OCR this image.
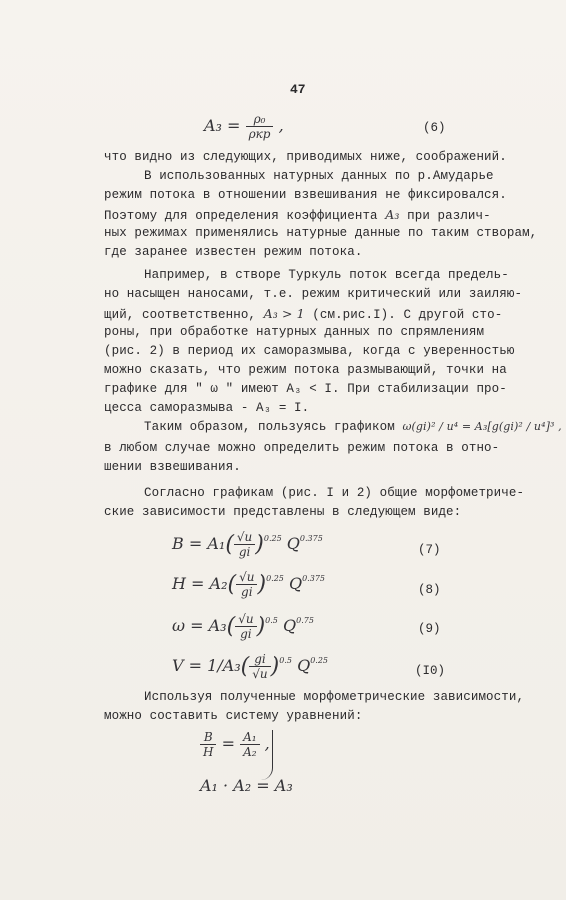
47
$A_3 = \frac{\text{ρ₀}}{\text{ρкр}}$ ,	(6)
что видно из следующих, приводимых ниже, соображений.
В использованных натурных данных по р.Амударье
режим потока в отношении взвешивания не фиксировался.
Поэтому для определения коэффициента A₃ при различ-
ных режимах применялись натурные данные по таким створам,
где заранее известен режим потока.
Например, в створе Туркуль поток всегда предель-
но насыщен наносами, т.е. режим критический или заиляю-
щий, соответственно, A₃ > 1 (см.рис.I). С другой сто-
роны, при обработке натурных данных по спрямлениям
(рис. 2) в период их саморазмыва, когда с уверенностью
можно сказать, что режим потока размывающий, точки на
графике для " ω " имеют А₃ < I. При стабилизации про-
цесса саморазмыва - А₃ = I.
Таким образом, пользуясь графиком ω(gi)² / u⁴ = A₃[g(gi)² / u⁴]³ ,
в любом случае можно определить режим потока в отно-
шении взвешивания.
Согласно графикам (рис. I и 2) общие морфометриче-
ские зависимости представлены в следующем виде:
$B = A_1( \frac{√u}{gi} )^{0.25}$ $Q^{0.375}$
(7)
$H = A_2( \frac{√u}{gi} )^{0.25}$ $Q^{0.375}$
(8)
$\omega = A_3( \frac{√u}{gi} )^{0.5}$ $Q^{0.75}$
(9)
$V = 1/A_3( \frac{gi}{√u} )^{0.5}$ $Q^{0.25}$
(I0)
Используя полученные морфометрические зависимости,
можно составить систему уравнений:
$\frac{B}{H} = \frac{\text{A₁}}{\text{A₂}}$ ,
A₁ · A₂ = A₃
